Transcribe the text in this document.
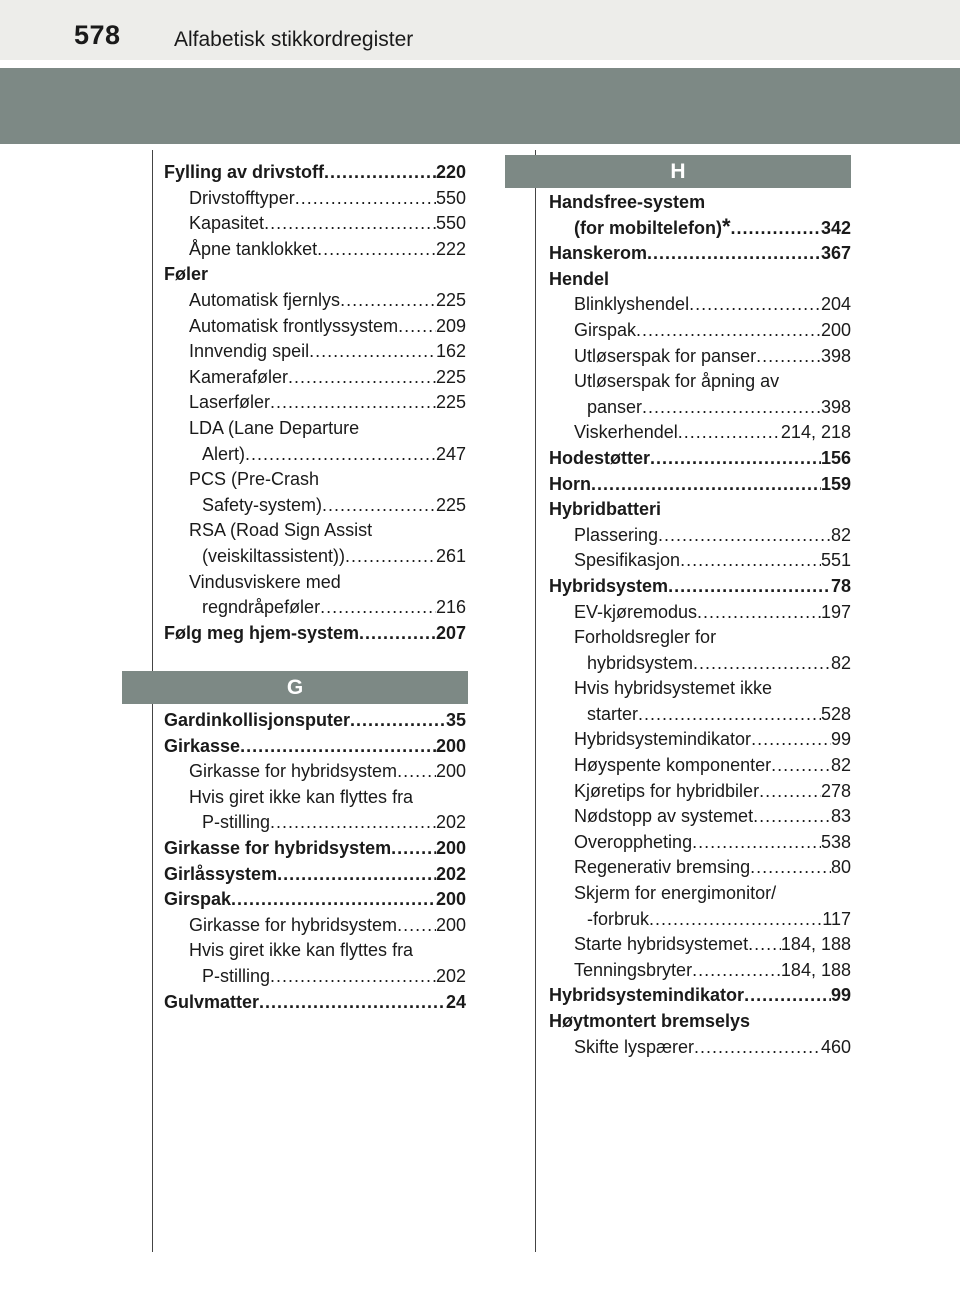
578	Alfabetisk stikkordregister
Fylling av drivstoff .....	220
Drivstofftyper .....	550
Kapasitet .....	550
Åpne tanklokket .....	222
Føler
Automatisk fjernlys .....	225
Automatisk frontlyssystem ..... 209
Innvendig speil .....	162
Kameraføler .....	225
Laserføler .....	225
LDA (Lane Departure
Alert) .....	247
PCS (Pre-Crash
Safety-system) .....	225
RSA (Road Sign Assist
(veiskiltassistent)) .....	261
Vindusviskere med
regndråpeføler .....	216
Følg meg hjem-system .....	207
G
Gardinkollisjonsputer .....	35
Girkasse .....	200
Girkasse for hybridsystem ..... 200
Hvis giret ikke kan flyttes fra
P-stilling .....	202
Girkasse for hybridsystem ..... 200
Girlåssystem .....	202
Girspak .....	200
Girkasse for hybridsystem ..... 200
Hvis giret ikke kan flyttes fra
P-stilling .....	202
Gulvmatter .....	24
H
Handsfree-system
(for mobiltelefon) * .....	342
Hanskerom .....	367
Hendel
Blinklyshendel .....	204
Girspak .....	200
Utløserspak for panser .....	398
Utløserspak for åpning av
panser .....	398
Viskerhendel .....	214, 218
Hodestøtter .....	156
Horn .....	159
Hybridbatteri
Plassering .....	82
Spesifikasjon .....	551
Hybridsystem .....	78
EV-kjøremodus .....	197
Forholdsregler for
hybridsystem .....	82
Hvis hybridsystemet ikke
starter .....	528
Hybridsystemindikator .....	99
Høyspente komponenter .....	82
Kjøretips for hybridbiler .....	278
Nødstopp av systemet .....	83
Overoppheting .....	538
Regenerativ bremsing .....	80
Skjerm for energimonitor/
-forbruk .....	117
Starte hybridsystemet ..... 184, 188
Tenningsbryter .....	184, 188
Hybridsystemindikator .....	99
Høytmontert bremselys
Skifte lyspærer .....	460
